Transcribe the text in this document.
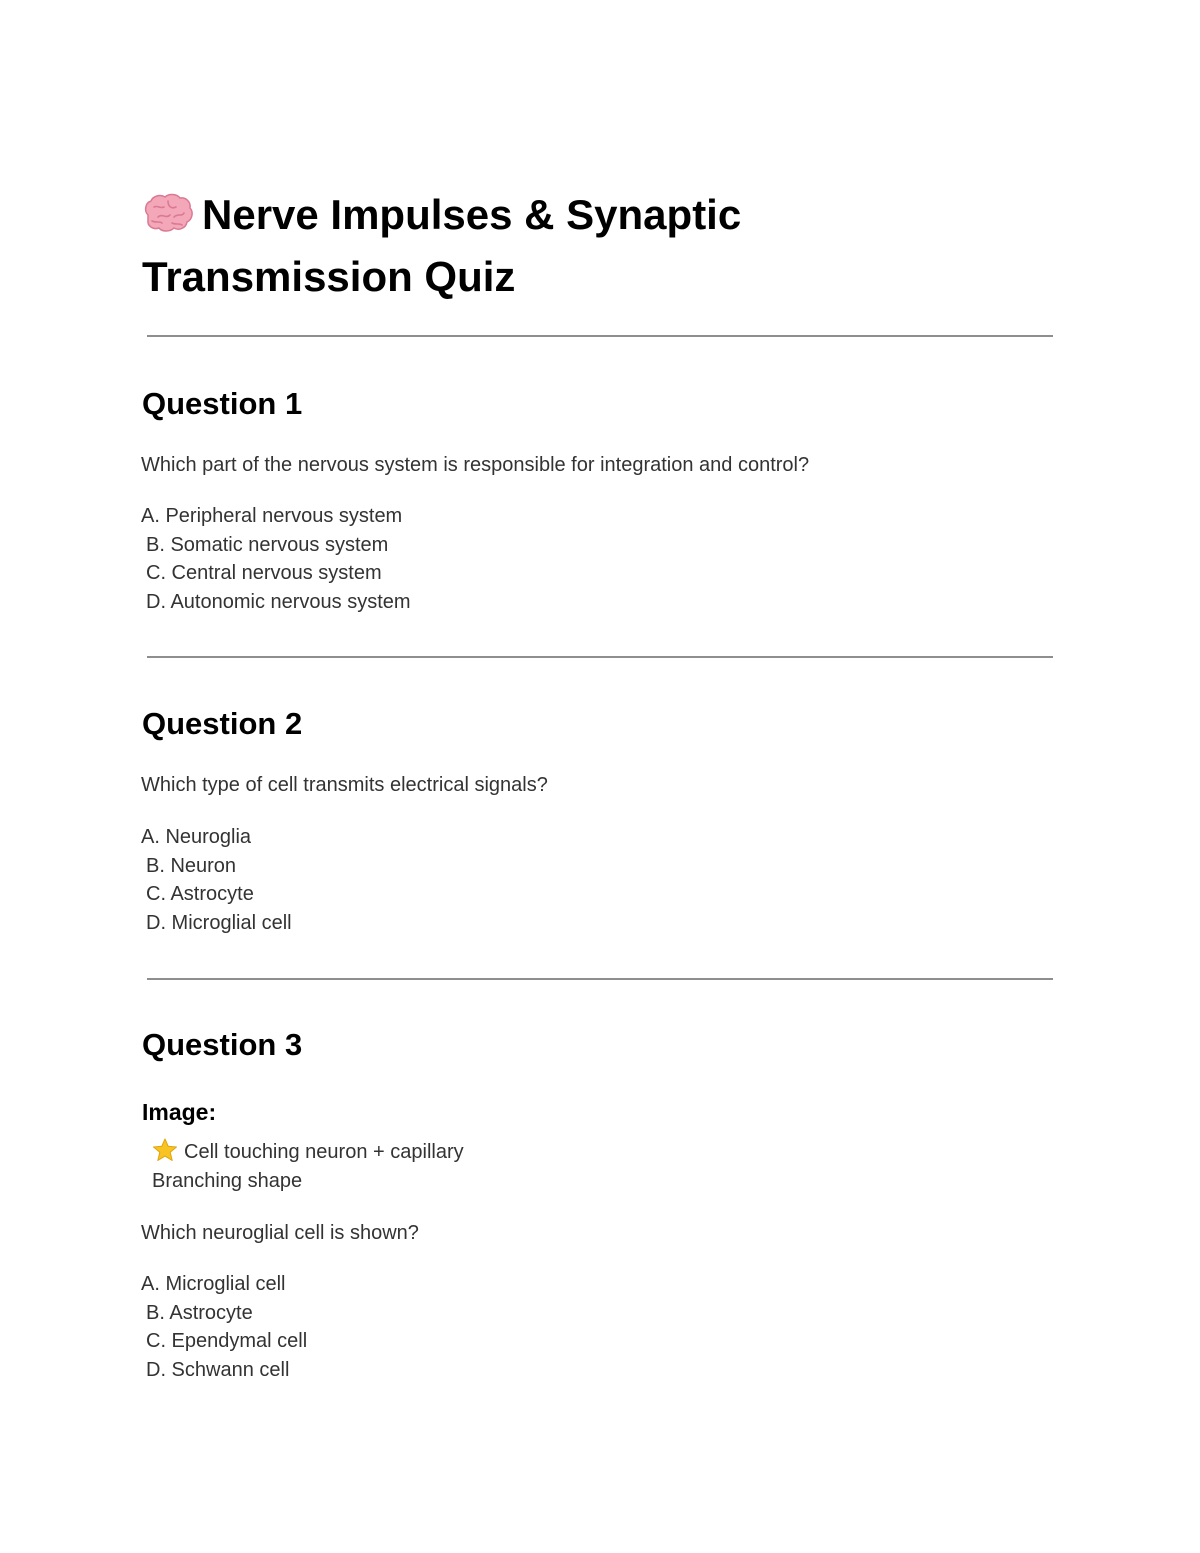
Nerve Impulses & Synaptic Transmission Quiz
Question 1

Which part of the nervous system is responsible for integration and control?

A. Peripheral nervous system
B. Somatic nervous system
C. Central nervous system
D. Autonomic nervous system
Question 2

Which type of cell transmits electrical signals?

A. Neuroglia
B. Neuron
C. Astrocyte
D. Microglial cell
Question 3

Image:

Cell touching neuron + capillary
Branching shape

Which neuroglial cell is shown?

A. Microglial cell
B. Astrocyte
C. Ependymal cell
D. Schwann cell
